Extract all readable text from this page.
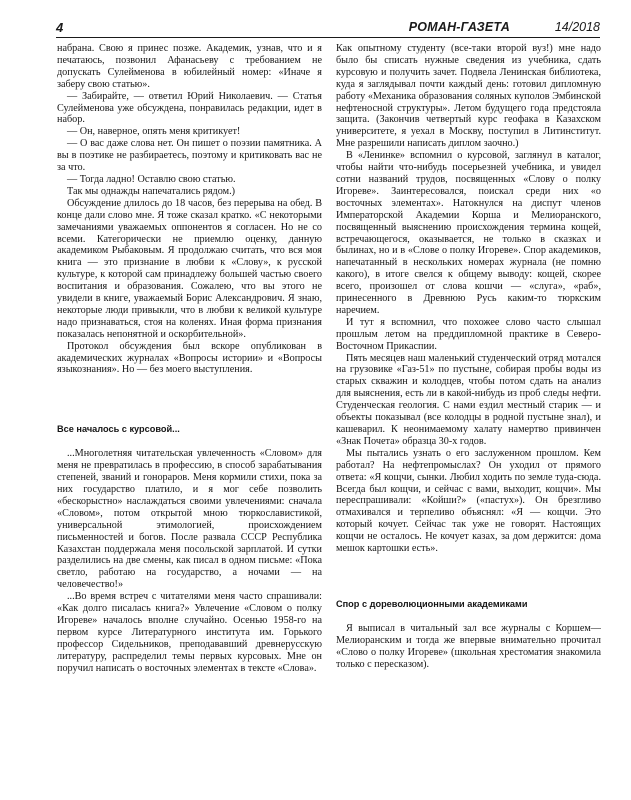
4	РОМАН-ГАЗЕТА	14/2018

набрана. Свою я принес позже. Академик, узнав, что и я печатаюсь, позвонил Афанасьеву с требованием не допускать Сулейменова в юбилейный номер: «Иначе я заберу свою статью».

— Забирайте, — ответил Юрий Николаевич. — Статья Сулейменова уже обсуждена, понравилась редакции, идет в набор.

— Он, наверное, опять меня критикует!

— О вас даже слова нет. Он пишет о поэзии памятника. А вы в поэтике не разбираетесь, поэтому и критиковать вас не за что.

— Тогда ладно! Оставлю свою статью.

Так мы однажды напечатались рядом.)

Обсуждение длилось до 18 часов, без перерыва на обед. В конце дали слово мне. Я тоже сказал кратко. «С некоторыми замечаниями уважаемых оппонентов я согласен. Но не со всеми. Категорически не приемлю оценку, данную академиком Рыбаковым. Я продолжаю считать, что вся моя книга — это признание в любви к «Слову», к русской культуре, к которой сам принадлежу большей частью своего воспитания и образования. Сожалею, что вы этого не увидели в книге, уважаемый Борис Александрович. Я знаю, некоторые люди привыкли, что в любви к великой культуре надо признаваться, стоя на коленях. Иная форма признания показалась непонятной и оскорбительной».

Протокол обсуждения был вскоре опубликован в академических журналах «Вопросы истории» и «Вопросы языкознания». Но — без моего выступления.

Все началось с курсовой...

...Многолетняя читательская увлеченность «Словом» для меня не превратилась в профессию, в способ зарабатывания степеней, званий и гонораров. Меня кормили стихи, пока за них государство платило, и я мог себе позволить «бескорыстно» наслаждаться своими увлечениями: сначала «Словом», потом открытой мною тюркославистикой, универсальной этимологией, происхождением письменностей и богов. После развала СССР Республика Казахстан поддержала меня посольской зарплатой. И сутки разделились на две смены, как писал в одном письме: «Пока светло, работаю на государство, а ночами — на человечество!»

...Во время встреч с читателями меня часто спрашивали: «Как долго писалась книга?» Увлечение «Словом о полку Игореве» началось вполне случайно. Осенью 1958-го на первом курсе Литературного института им. Горького профессор Сидельников, преподававший древнерусскую литературу, распределил темы первых курсовых. Мне он поручил написать о восточных элементах в тексте «Слова».

Как опытному студенту (все-таки второй вуз!) мне надо было бы списать нужные сведения из учебника, сдать курсовую и получить зачет. Подвела Ленинская библиотека, куда я заглядывал почти каждый день: готовил дипломную работу «Механика образования соляных куполов Эмбинской нефтеносной структуры». Летом будущего года предстояла защита. (Закончив четвертый курс геофака в Казахском университете, я уехал в Москву, поступил в Литинститут. Мне разрешили написать диплом заочно.)

В «Ленинке» вспомнил о курсовой, заглянул в каталог, чтобы найти что-нибудь посерьезней учебника, и увидел сотни названий трудов, посвященных «Слову о полку Игореве». Заинтересовался, поискал среди них «о восточных элементах». Натокнулся на диспут членов Императорской Академии Корша и Мелиоранского, посвященный выяснению происхождения термина кощей, встречающегося, оказывается, не только в сказках и былинах, но и в «Слове о полку Игореве». Спор академиков, напечатанный в нескольких номерах журнала (не помню какого), в итоге свелся к общему выводу: кощей, скорее всего, произошел от слова кошчи — «слуга», «раб», принесенного в Древнюю Русь каким-то тюркским наречием.

И тут я вспомнил, что похожее слово часто слышал прошлым летом на преддипломной практике в Северо-Восточном Прикаспии.

Пять месяцев наш маленький студенческий отряд мотался на грузовике «Газ-51» по пустыне, собирая пробы воды из старых скважин и колодцев, чтобы потом сдать на анализ для выяснения, есть ли в какой-нибудь из проб следы нефти. Студенческая геология. С нами ездил местный старик — и объекты показывал (все колодцы в родной пустыне знал), и кашеварил. К неонимаемому халату намертво привинчен «Знак Почета» образца 30-х годов.

Мы пытались узнать о его заслуженном прошлом. Кем работал? На нефтепромыслах? Он уходил от прямого ответа: «Я кощчи, сынки. Любил ходить по земле туда-сюда. Всегда был кощчи, и сейчас с вами, выходит, кощчи». Мы переспрашивали: «Койши?» («пастух»). Он брезгливо отмахивался и терпеливо объяснял: «Я — кощчи. Это который кочует. Сейчас так уже не говорят. Настоящих кощчи не осталось. Не кочует казах, за дом держится: дома мешок картошки есть».

Спор с дореволюционными академиками

Я выписал в читальный зал все журналы с Коршем—Мелиоранским и тогда же впервые внимательно прочитал «Слово о полку Игореве» (школьная хрестоматия знакомила только с пересказом).
